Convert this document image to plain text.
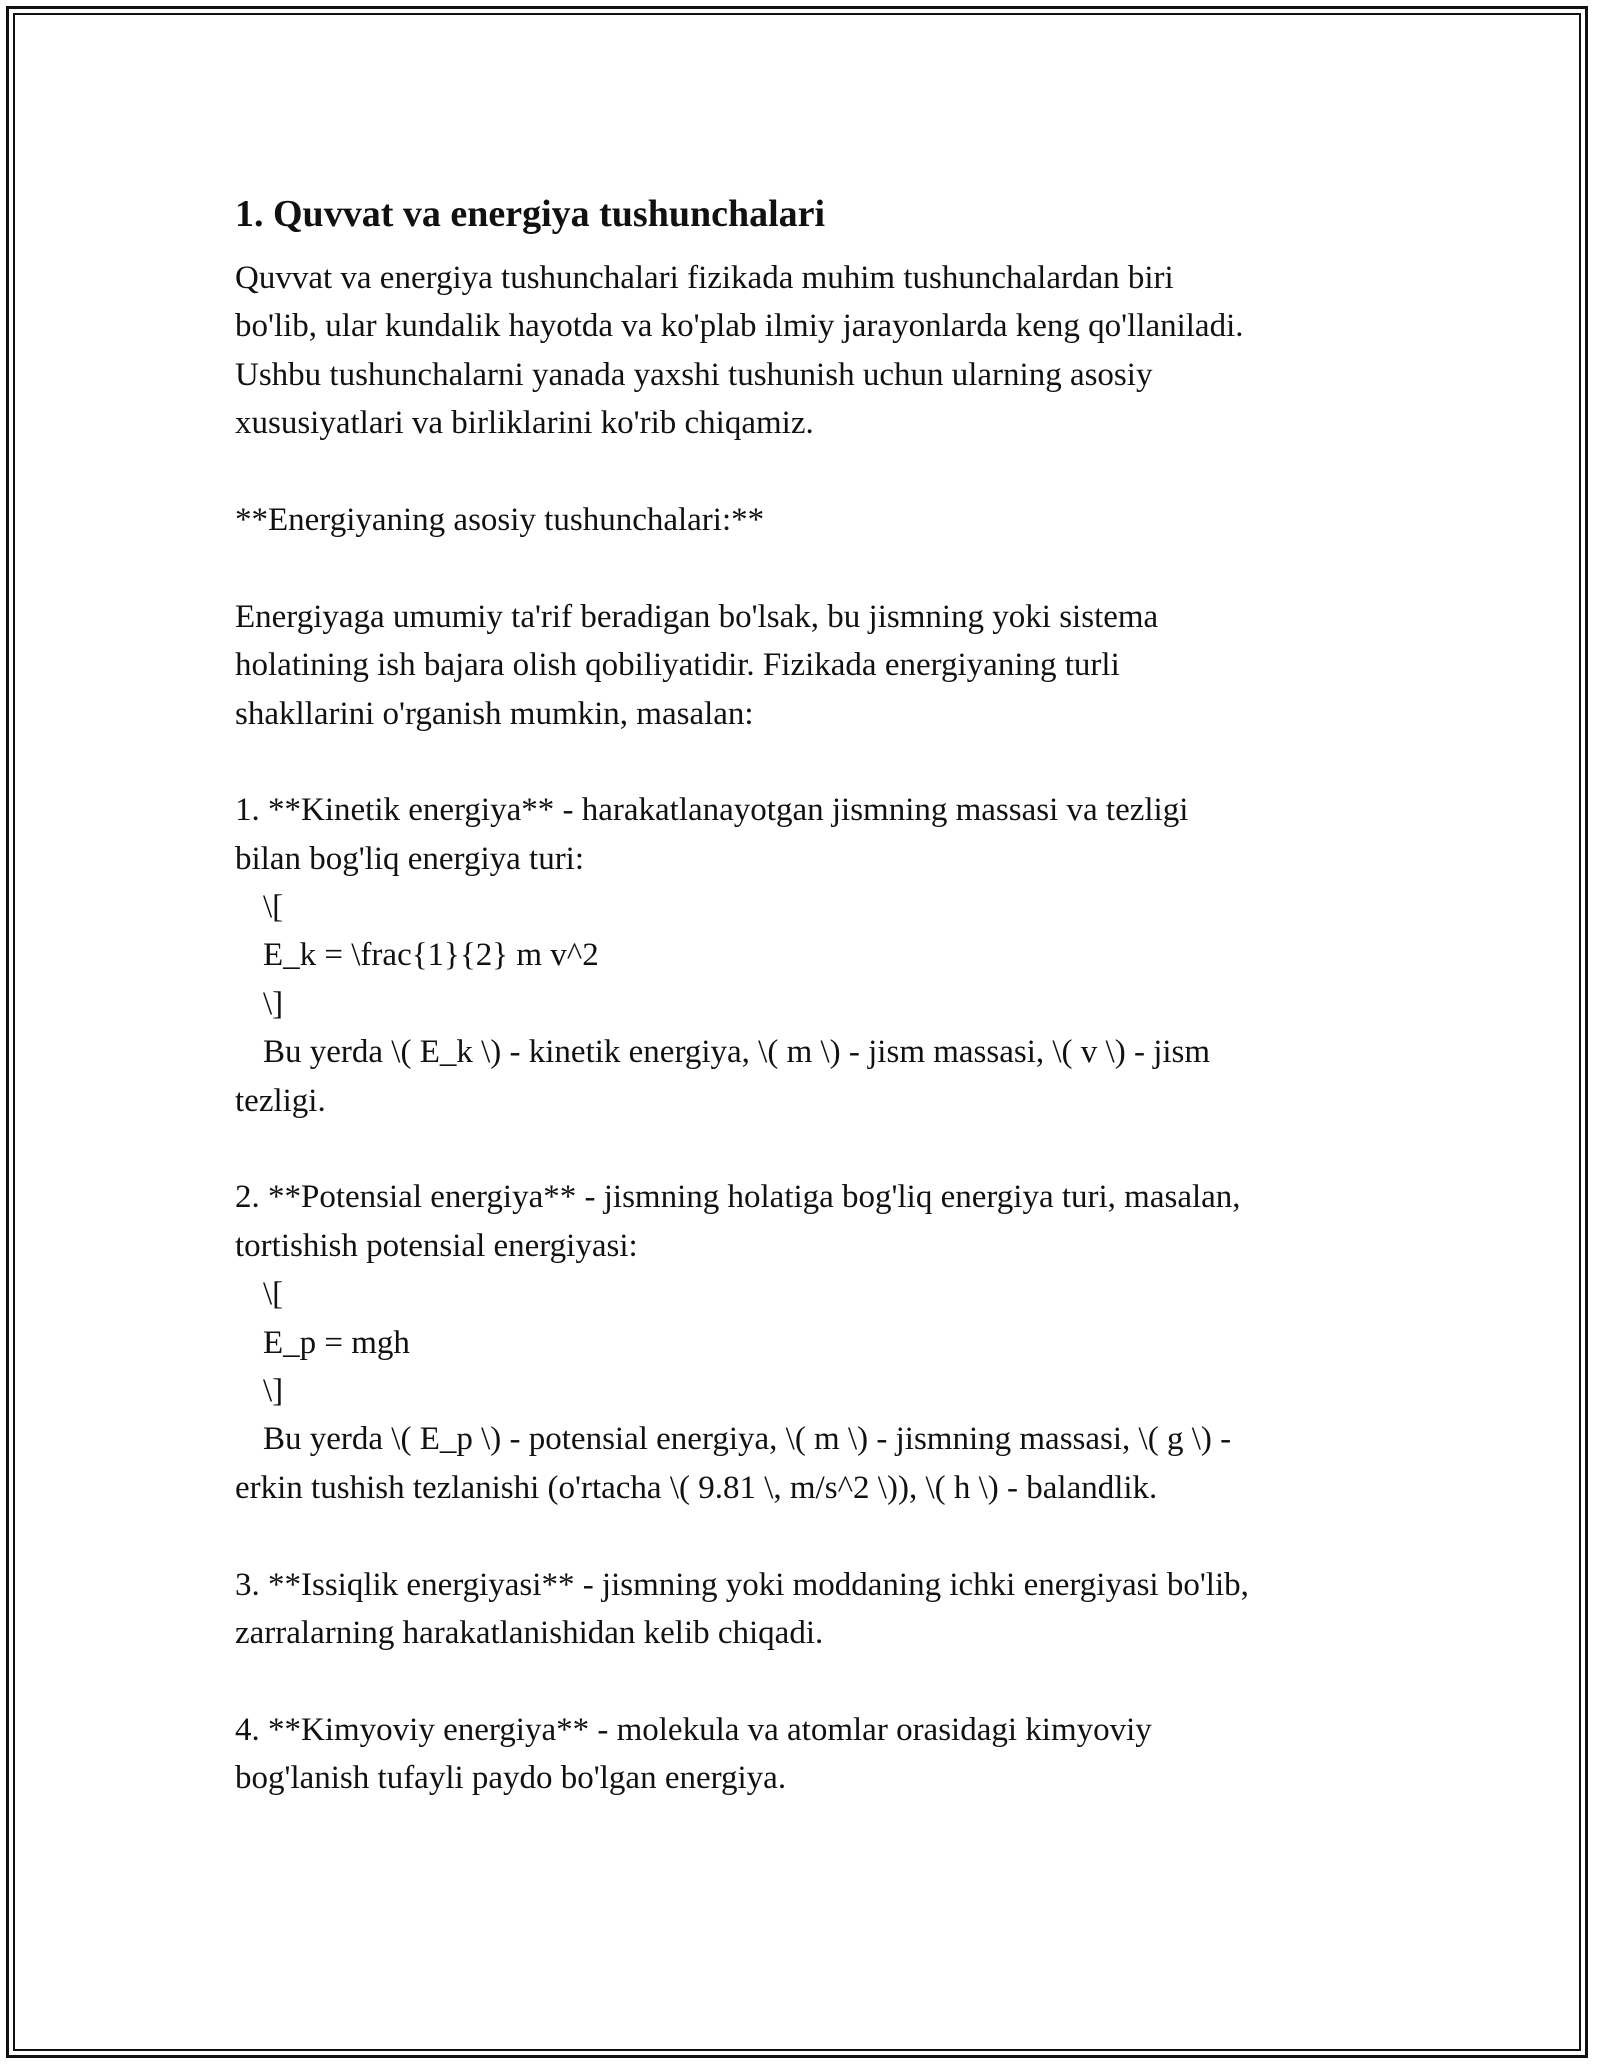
1. Quvvat va energiya tushunchalari
Quvvat va energiya tushunchalari fizikada muhim tushunchalardan biri
bo'lib, ular kundalik hayotda va ko'plab ilmiy jarayonlarda keng qo'llaniladi.
Ushbu tushunchalarni yanada yaxshi tushunish uchun ularning asosiy
xususiyatlari va birliklarini ko'rib chiqamiz.
**Energiyaning asosiy tushunchalari:**
Energiyaga umumiy ta'rif beradigan bo'lsak, bu jismning yoki sistema
holatining ish bajara olish qobiliyatidir. Fizikada energiyaning turli
shakllarini o'rganish mumkin, masalan:
1. **Kinetik energiya** - harakatlanayotgan jismning massasi va tezligi
bilan bog'liq energiya turi:
\[
E_k = \frac{1}{2} m v^2
\]
Bu yerda \( E_k \) - kinetik energiya, \( m \) - jism massasi, \( v \) - jism
tezligi.
2. **Potensial energiya** - jismning holatiga bog'liq energiya turi, masalan,
tortishish potensial energiyasi:
\[
E_p = mgh
\]
Bu yerda \( E_p \) - potensial energiya, \( m \) - jismning massasi, \( g \) -
erkin tushish tezlanishi (o'rtacha \( 9.81 \, m/s^2 \)), \( h \) - balandlik.
3. **Issiqlik energiyasi** - jismning yoki moddaning ichki energiyasi bo'lib,
zarralarning harakatlanishidan kelib chiqadi.
4. **Kimyoviy energiya** - molekula va atomlar orasidagi kimyoviy
bog'lanish tufayli paydo bo'lgan energiya.
